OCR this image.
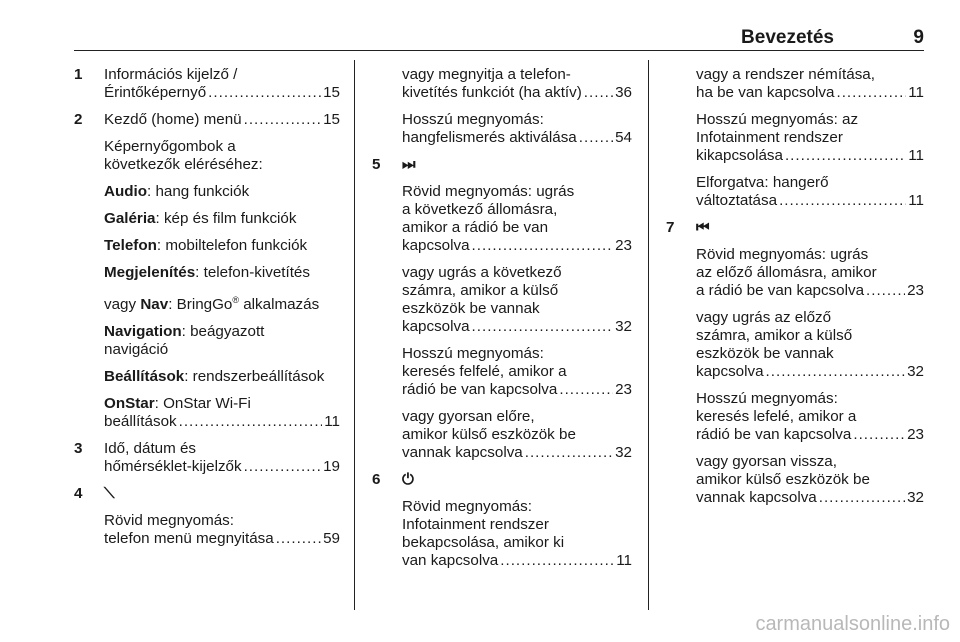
Bevezetés	9
1 Információs kijelző /
Érintőképernyő .....	15
2 Kezdő (home) menü .....	15
Képernyőgombok a
következők eléréséhez:
Audio: hang funkciók
Galéria: kép és film funkciók
Telefon: mobiltelefon funkciók
Megjelenítés: telefon-kivetítés
vagy Nav: BringGo® alkalmazás
Navigation: beágyazott
navigáció
Beállítások: rendszerbeállítások
OnStar: OnStar Wi-Fi
beállítások .....	11
3 Idő, dátum és
hőmérséklet-kijelzők .....	19
4 ⟍
Rövid megnyomás:
telefon menü megnyitása .....	59
vagy megnyitja a telefon-
kivetítés funkciót (ha aktív) ..... 36
Hosszú megnyomás:
hangfelismerés aktiválása .....	54
5 ⏭
Rövid megnyomás: ugrás
a következő állomásra,
amikor a rádió be van
kapcsolva .....	23
vagy ugrás a következő
számra, amikor a külső
eszközök be vannak
kapcsolva .....	32
Hosszú megnyomás:
keresés felfelé, amikor a
rádió be van kapcsolva .....	23
vagy gyorsan előre,
amikor külső eszközök be
vannak kapcsolva .....	32
6 ⏻
Rövid megnyomás:
Infotainment rendszer
bekapcsolása, amikor ki
van kapcsolva .....	11
vagy a rendszer némítása,
ha be van kapcsolva .....	11
Hosszú megnyomás: az
Infotainment rendszer
kikapcsolása .....	11
Elforgatva: hangerő
változtatása .....	11
7 ⏮
Rövid megnyomás: ugrás
az előző állomásra, amikor
a rádió be van kapcsolva .....	23
vagy ugrás az előző
számra, amikor a külső
eszközök be vannak
kapcsolva .....	32
Hosszú megnyomás:
keresés lefelé, amikor a
rádió be van kapcsolva .....	23
vagy gyorsan vissza,
amikor külső eszközök be
vannak kapcsolva .....	32
carmanualsonline.info
